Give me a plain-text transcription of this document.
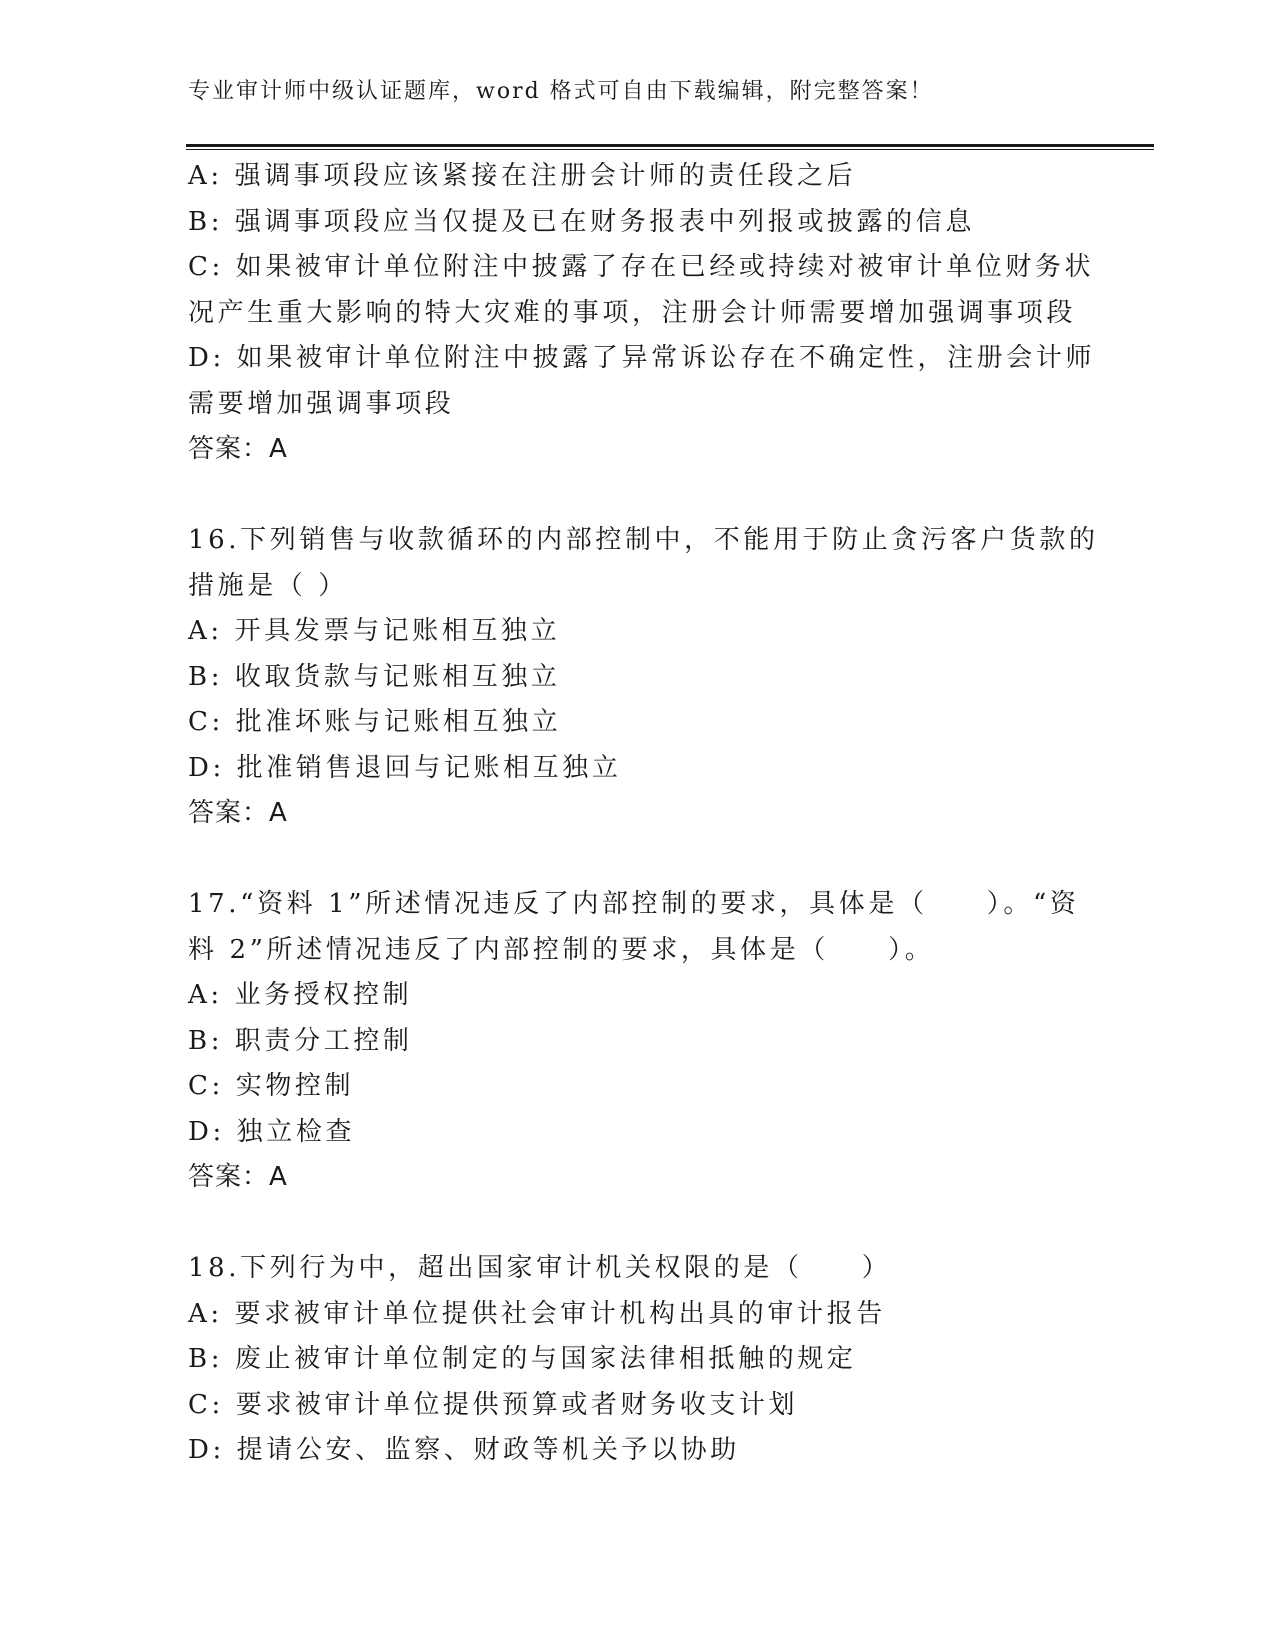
专业审计师中级认证题库，word 格式可自由下载编辑，附完整答案！
A: 强调事项段应该紧接在注册会计师的责任段之后
B: 强调事项段应当仅提及已在财务报表中列报或披露的信息
C: 如果被审计单位附注中披露了存在已经或持续对被审计单位财务状
况产生重大影响的特大灾难的事项，注册会计师需要增加强调事项段
D: 如果被审计单位附注中披露了异常诉讼存在不确定性，注册会计师
需要增加强调事项段
答案：A
16.下列销售与收款循环的内部控制中，不能用于防止贪污客户货款的
措施是（ ）
A: 开具发票与记账相互独立
B: 收取货款与记账相互独立
C: 批准坏账与记账相互独立
D: 批准销售退回与记账相互独立
答案：A
17.“资料 1”所述情况违反了内部控制的要求，具体是（　　）。“资
料 2”所述情况违反了内部控制的要求，具体是（　　）。
A: 业务授权控制
B: 职责分工控制
C: 实物控制
D: 独立检查
答案：A
18.下列行为中，超出国家审计机关权限的是（　　）
A: 要求被审计单位提供社会审计机构出具的审计报告
B: 废止被审计单位制定的与国家法律相抵触的规定
C: 要求被审计单位提供预算或者财务收支计划
D: 提请公安、监察、财政等机关予以协助
